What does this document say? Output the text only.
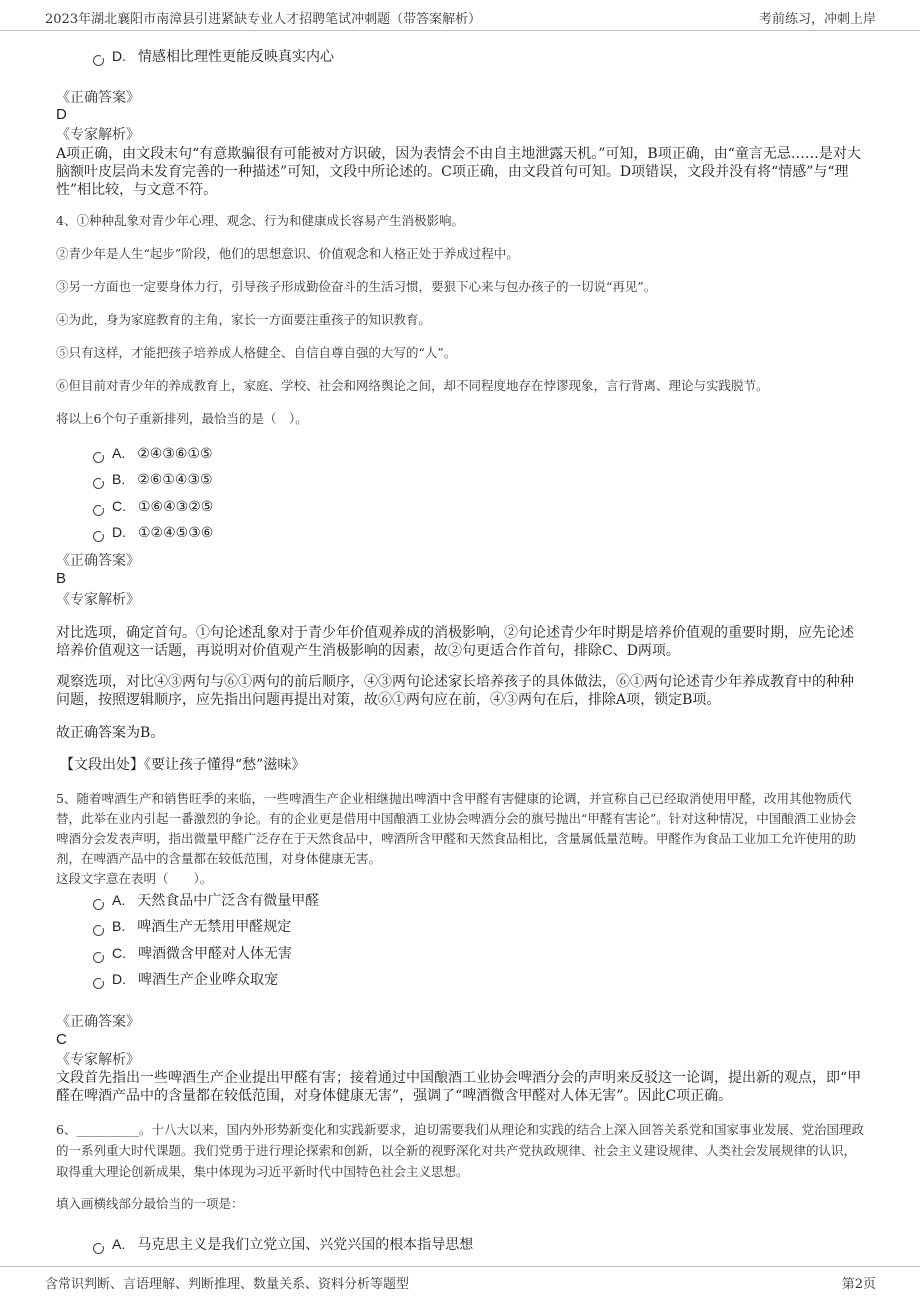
2023年湖北襄阳市南漳县引进紧缺专业人才招聘笔试冲刺题（带答案解析）	考前练习，冲刺上岸
D. 情感相比理性更能反映真实内心
《正确答案》
D
《专家解析》
A项正确，由文段末句“有意欺骗很有可能被对方识破，因为表情会不由自主地泄露天机。”可知，B项正确，由“童言无忌……是对大脑额叶皮层尚未发育完善的一种描述”可知，文段中所论述的。C项正确，由文段首句可知。D项错误，文段并没有将“情感”与“理性”相比较，与文意不符。
4、①种种乱象对青少年心理、观念、行为和健康成长容易产生消极影响。
②青少年是人生“起步”阶段，他们的思想意识、价值观念和人格正处于养成过程中。
③另一方面也一定要身体力行，引导孩子形成勤俭奋斗的生活习惯，要狠下心来与包办孩子的一切说“再见”。
④为此，身为家庭教育的主角，家长一方面要注重孩子的知识教育。
⑤只有这样，才能把孩子培养成人格健全、自信自尊自强的大写的“人”。
⑥但目前对青少年的养成教育上，家庭、学校、社会和网络舆论之间，却不同程度地存在悖谬现象，言行背离、理论与实践脱节。
将以上6个句子重新排列，最恰当的是（　）。
A. ②④③⑥①⑤
B. ②⑥①④③⑤
C. ①⑥④③②⑤
D. ①②④⑤③⑥
《正确答案》
B
《专家解析》
对比选项，确定首句。①句论述乱象对于青少年价值观养成的消极影响，②句论述青少年时期是培养价值观的重要时期，应先论述培养价值观这一话题，再说明对价值观产生消极影响的因素，故②句更适合作首句，排除C、D两项。
观察选项，对比④③两句与⑥①两句的前后顺序，④③两句论述家长培养孩子的具体做法，⑥①两句论述青少年养成教育中的种种问题，按照逻辑顺序，应先指出问题再提出对策，故⑥①两句应在前，④③两句在后，排除A项，锁定B项。
故正确答案为B。
【文段出处】《要让孩子懂得“愁”滋味》
5、随着啤酒生产和销售旺季的来临，一些啤酒生产企业相继抛出啤酒中含甲醛有害健康的论调，并宣称自己已经取消使用甲醛，改用其他物质代替，此举在业内引起一番激烈的争论。有的企业更是借用中国酿酒工业协会啤酒分会的旗号抛出“甲醛有害论”。针对这种情况，中国酿酒工业协会啤酒分会发表声明，指出微量甲醛广泛存在于天然食品中，啤酒所含甲醛和天然食品相比，含量属低量范畴。甲醛作为食品工业加工允许使用的助剂，在啤酒产品中的含量都在较低范围，对身体健康无害。
这段文字意在表明（　　）。
A. 天然食品中广泛含有微量甲醛
B. 啤酒生产无禁用甲醛规定
C. 啤酒微含甲醛对人体无害
D. 啤酒生产企业哗众取宠
《正确答案》
C
《专家解析》
文段首先指出一些啤酒生产企业提出甲醛有害；接着通过中国酿酒工业协会啤酒分会的声明来反驳这一论调，提出新的观点，即“甲醛在啤酒产品中的含量都在较低范围，对身体健康无害”，强调了“啤酒微含甲醛对人体无害”。因此C项正确。
6、__________。十八大以来，国内外形势新变化和实践新要求，迫切需要我们从理论和实践的结合上深入回答关系党和国家事业发展、党治国理政的一系列重大时代课题。我们党勇于进行理论探索和创新，以全新的视野深化对共产党执政规律、社会主义建设规律、人类社会发展规律的认识，取得重大理论创新成果，集中体现为习近平新时代中国特色社会主义思想。
填入画横线部分最恰当的一项是：
A. 马克思主义是我们立党立国、兴党兴国的根本指导思想
含常识判断、言语理解、判断推理、数量关系、资料分析等题型	第2页
